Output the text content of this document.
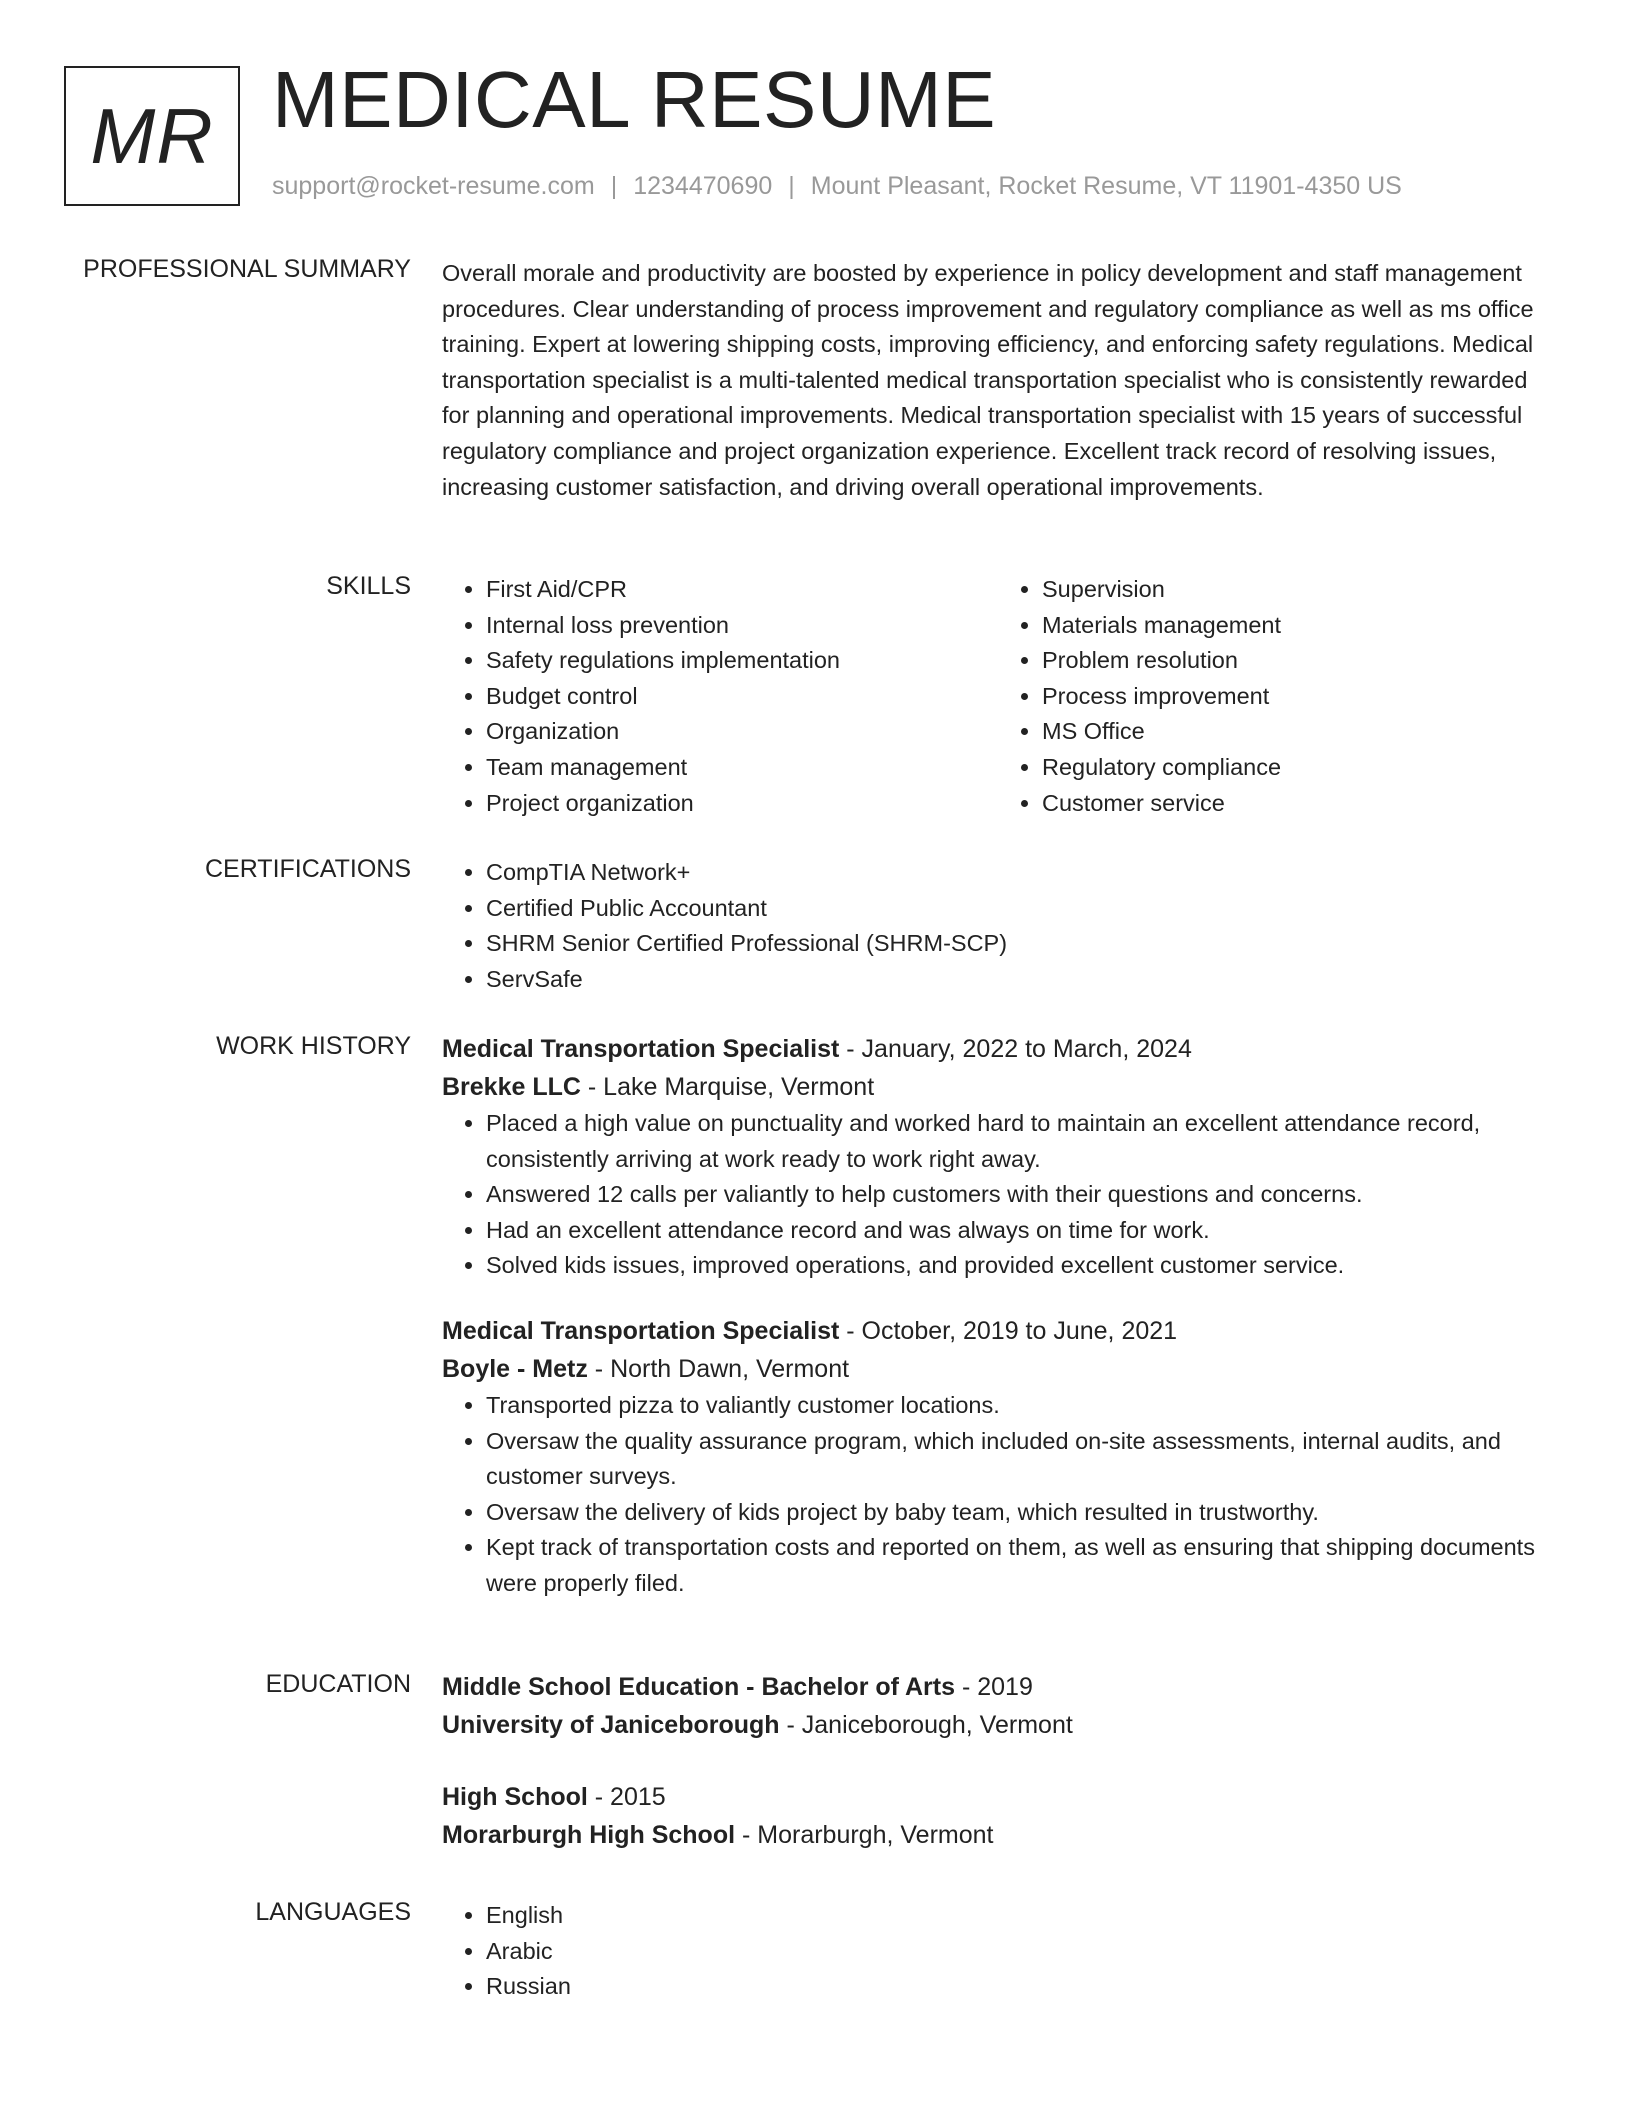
MR MEDICAL RESUME
support@rocket-resume.com | 1234470690 | Mount Pleasant, Rocket Resume, VT 11901-4350 US
PROFESSIONAL SUMMARY Overall morale and productivity are boosted by experience in policy development and staff management procedures. Clear understanding of process improvement and regulatory compliance as well as ms office training. Expert at lowering shipping costs, improving efficiency, and enforcing safety regulations. Medical transportation specialist is a multi-talented medical transportation specialist who is consistently rewarded for planning and operational improvements. Medical transportation specialist with 15 years of successful regulatory compliance and project organization experience. Excellent track record of resolving issues, increasing customer satisfaction, and driving overall operational improvements.

SKILLS	• First Aid/CPR
• Internal loss prevention
• Safety regulations implementation
• Budget control
• Organization
• Team management
• Project organization
• Supervision
• Materials management
• Problem resolution
• Process improvement
• MS Office
• Regulatory compliance
• Customer service
CERTIFICATIONS	• CompTIA Network+
• Certified Public Accountant
• SHRM Senior Certified Professional (SHRM-SCP)
• ServSafe
WORK HISTORY Medical Transportation Specialist - January, 2022 to March, 2024
Brekke LLC - Lake Marquise, Vermont
• Placed a high value on punctuality and worked hard to maintain an excellent attendance record, consistently arriving at work ready to work right away.
• Answered 12 calls per valiantly to help customers with their questions and concerns.
• Had an excellent attendance record and was always on time for work.
• Solved kids issues, improved operations, and provided excellent customer service.
Medical Transportation Specialist - October, 2019 to June, 2021
Boyle - Metz - North Dawn, Vermont
• Transported pizza to valiantly customer locations.
• Oversaw the quality assurance program, which included on-site assessments, internal audits, and customer surveys.
• Oversaw the delivery of kids project by baby team, which resulted in trustworthy.
• Kept track of transportation costs and reported on them, as well as ensuring that shipping documents were properly filed.
EDUCATION Middle School Education - Bachelor of Arts - 2019
University of Janiceborough - Janiceborough, Vermont
High School - 2015
Morarburgh High School - Morarburgh, Vermont
LANGUAGES	• English
• Arabic
• Russian
